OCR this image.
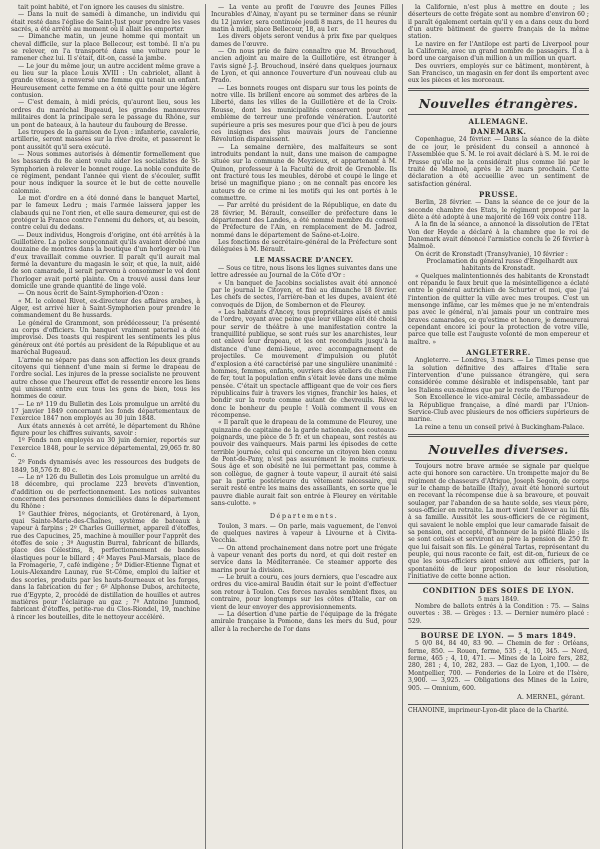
tait point habité, et l'on ignore les causes du sinistre.

— Dans la nuit de samedi à dimanche, un individu qui était resté dans l'église de Saint-Just pour prendre les vases sacrés, a été arrêté au moment où il allait les emporter.

— Dimanche matin, un jeune homme qui montait un cheval difficile, sur la place Bellecour, est tombé. Il n'a pu se relever, on l'a transporté dans une voiture pour le ramener chez lui. Il s'était, dit-on, cassé la jambe.

— Le jour du même jour, un autre accident même grave a eu lieu sur la place Louis XVIII : Un cabriolet, allant à grande vitesse, a renversé une femme qui tenait un enfant. Heureusement cette femme en a été quitte pour une légère contusion.

— C'est demain, à midi précis, qu'auront lieu, sous les ordres du maréchal Bugeaud, les grandes manœuvres militaires dont la principale sera le passage du Rhône, sur un pont de bateaux, à la hauteur du faubourg de Bresse.

Les troupes de la garnison de Lyon : infanterie, cavalerie, artillerie, seront massées sur la rive droite, et passeront le pont aussitôt qu'il sera exécuté.

— Nous sommes autorisés à démentir formellement que les bassards du 8e aient voulu aider les socialistes de St-Symphorien à relever le bonnet rouge. La noble conduite de ce régiment, pendant l'année qui vient de s'écouler, suffit pour nous indiquer la source et le but de cette nouvelle calomnie.

Le mot d'ordre en a été donné dans le banquet Martel, par le fameux Ledru ; mais l'armée laissera japper les clabauds qui ne l'ont rien, et elle saura demeurer, qui est de protéger la France contre l'ennemi du dehors, et, au besoin, contre celui du dedans.

— Deux individus, Hongrois d'origine, ont été arrêtés à la Guillotière. La police soupçonnait qu'ils avaient dérobé une douzaine de montres dans la boutique d'un horloger où l'un d'eux travaillait comme ouvrier. Il paraît qu'il aurait mal fermé la devanture du magasin le soir, et que, la nuit, aidé de son camarade, il serait parvenu à consommer le vol dont l'horloger avait porté plainte. On a trouvé aussi dans leur domicile une grande quantité de linge volé.

— On nous écrit de Saint-Symphorien-d'Ozon :

« M. le colonel Rivet, ex-directeur des affaires arabes, à Alger, est arrivé hier à Saint-Symphorien pour prendre le commandement du 8e hussards.

Le général de Grammont, son prédécesseur, l'a présenté au corps d'officiers. Un banquet vraiment paternel a été improvisé. Des toasts qui respirent les sentiments les plus généreux ont été portés au président de la République et au maréchal Bugeaud.

L'armée ne sépare pas dans son affection les deux grands citoyens qui tiennent d'une main si ferme le drapeau de l'ordre social. Les injures de la presse socialiste ne prouvent autre chose que l'heureux effet de ressentir encore les liens qui unissent entre eux tous les gens de bien, tous les hommes de cœur.

— Le nº 119 du Bulletin des Lois promulgue un arrêté du 17 janvier 1849 concernant les fonds départementaux de l'exercice 1847 non employés au 30 juin 1848.

Aux états annexés à cet arrêté, le département du Rhône figure pour les chiffres suivants, savoir :

1º Fonds non employés au 30 juin dernier, reportés sur l'exercice 1848, pour le service départemental, 29,065 fr. 80 c.

2º Fonds dynamisés avec les ressources des budgets de 1849, 58,576 fr. 80 c.

— Le nº 126 du Bulletin des Lois promulgue un arrêté du 18 décembre, qui proclame 223 brevets d'invention, d'addition ou de perfectionnement. Les notices suivantes concernent des personnes domiciliées dans le département du Rhône :

1º Gauthier frères, négociants, et Grotérenard, à Lyon, quai Sainte-Marie-des-Chaînes, système de bateaux à vapeur à farpins ; 2º Charles Guillermet, appareil d'étoffes, rue des Capucines, 25, machine à mouiller pour l'apprêt des étoffes de soie ; 3º Augustin Burral, fabricant de billards, place des Célestins, 8, perfectionnement de bandes élastiques pour le billard ; 4º Mayes Paul-Marsais, place de la Fromagerie, 7, café indigène ; 5º Didier-Etienne Tignat et Louis-Alexandre Launay, rue St-Côme, emploi du laitier et des scories, produits par les hauts-fourneaux et les forges, dans la fabrication du fer ; 6º Alphonse Dubos, architecte, rue d'Egypte, 2, procédé de distillation de houilles et autres matières pour l'éclairage au gaz ; 7º Antoine Jummod, fabricant d'étoffes, petite-rue du Clos-Riondel, 19, machine à rincer les bouteilles, dite le nettoyeur accéléré.

— La vente au profit de l'œuvre des Jeunes Filles Incurables d'Ainay, n'ayant pu se terminer dans se réunir du 12 janvier, sera continuée jeudi 8 mars, de 11 heures du matin à midi, place Bellecour, 18, au 1er.

Les divers objets seront vendus à prix fixe par quelques dames de l'œuvre.

— On nous prie de faire connaître que M. Brouchoud, ancien adjoint au maire de la Guillotière, est étranger à l'avis signé J.-J. Brouchoud, inséré dans quelques journaux de Lyon, et qui annonce l'ouverture d'un nouveau club au Prado.

— Les bonnets rouges ont disparu sur tous les points de notre ville. Ils brillent encore au sommet des arbres de la Liberté, dans les villes de la Guillotière et de la Croix-Rousse, dont les municipalités conservent pour cet emblème de terreur une profonde vénération. L'autorité supérieure a pris ses mesures pour que d'ici à peu de jours ces insignes des plus mauvais jours de l'ancienne Révolution disparaissent.

— La semaine dernière, des malfaiteurs se sont introduits pendant la nuit, dans une maison de campagne située sur la commune de Meyzieux, et appartenant à M. Quinon, professeur à la Faculté de droit de Grenoble. Ils ont fracturé tous les meubles, dérobé et coupé le linge et brisé un magnifique piano ; on ne connaît pas encore les auteurs de ce crime ni les motifs qui les ont portés à le commettre.

— Par arrêté du président de la République, en date du 28 février, M. Bérault, conseiller de préfecture dans le département des Landes, a été nommé membre du conseil de Préfecture de l'Ain, en remplacement de M. Jadroz, nommé dans le département de Saône-et-Loire.

Les fonctions de secrétaire-général de la Préfecture sont déléguées à M. Bérault.

LE MASSACRE D'ANCEY.

— Sous ce titre, nous lisons les lignes suivantes dans une lettre adressée au Journal de la Côte d'Or :

« Un banquet de Jacobins socialistes avait été annoncé par le journal le Citoyen, et fixé au dimanche 18 février. Les chefs de sectes, l'arrière-ban et les dupes, avaient été convoqués de Dijon, de Sombernon et de Fleurey.

« Les habitants d'Ancey, tous propriétaires aisés et amis de l'ordre, voyant avec peine que leur village eût été choisi pour servir de théâtre à une manifestation contre la tranquillité publique, se sont rués sur les anarchistes, leur ont enlevé leur drapeau, et les ont reconduits jusqu'à la distance d'une demi-lieue, avec accompagnement de projectiles. Ce mouvement d'impulsion ou plutôt d'explosion a été caractérisé par une singulière unanimité : hommes, femmes, enfants, ouvriers des ateliers du chemin de fer, tout la population enfin s'était levée dans une même pensée. C'était un spectacle affligeant que de voir ces fiers républicains fuir à travers les vignes, franchir les haies, et bondir sur la route comme autant de chevreuils. Rêvez donc le bonheur du peuple ! Voilà comment il vous en récompense.

« Il paraît que le drapeau de la commune de Fleurey, une quinzaine de capitaine de la garde nationale, des couteaux-poignards, une pièce de 5 fr. et un chapeau, sont restés au pouvoir des vainqueurs. Mais parmi les épisodes de cette terrible journée, celui qui concerne un citoyen bien connu de Pont-de-Pany, n'est pas assurément le moins curieux. Sous âge et son obésité ne lui permettant pas, comme à son collègue, de gagner à toute vapeur, il aurait été saisi par la partie postérieure du vêtement nécessaire, qui serait resté entre les mains des assaillants, en sorte que le pauvre diable aurait fait son entrée à Fleurey en véritable sans-culotte. »

Départements.

Toulon, 3 mars. — On parle, mais vaguement, de l'envoi de quelques navires à vapeur à Livourne et à Civita-Vecchia.

— On attend prochainement dans notre port une frégate à vapeur venant des ports du nord, et qui doit rester en service dans la Méditerranée. Ce steamer apporte des marins pour la division.

— Le bruit a couru, ces jours derniers, que l'escadre aux ordres du vice-amiral Baudin était sur le point d'effectuer son retour à Toulon. Ces forces navales semblent fixes, au contraire, pour longtemps sur les côtes d'Italie, car on vient de leur envoyer des approvisionnements.

— La désertion d'une partie de l'équipage de la frégate amirale française la Pomone, dans les mers du Sud, pour aller à la recherche de l'or dans

la Californie, n'est plus à mettre en doute ; les déserteurs de cette frégate sont au nombre d'environ 60 ; il paraît également certain qu'il y en a dans ceux du bord d'un autre bâtiment de guerre français de la même station.

Le navire en fer l'Antilope est parti de Liverpool pour la Californie, avec un grand nombre de passagers. Il a à bord une cargaison d'un million à un million un quart.

Des ouvriers, employés sur ce bâtiment, montèrent, à San Francisco, un magasin en fer dont ils emportent avec eux les pièces et les morceaux.

Nouvelles étrangères.
ALLEMAGNE.
DANEMARK.

Copenhague, 24 février. — Dans la séance de la diète de ce jour, le président du conseil a annoncé à l'Assemblée que S. M. le roi avait déclaré à S. M. le roi de Prusse qu'elle ne la considérait plus comme lié par le traité de Malmoë, après le 26 mars prochain. Cette déclaration a été accueillie avec un sentiment de satisfaction général.

PRUSSE.

Berlin, 28 février. — Dans la séance de ce jour de la seconde chambre des Etats, le régiment proposé par la diète a été adopté à une majorité de 169 voix contre 118.

A la fin de la séance, a annoncé la dissolution de l'Etat Von der Heyde a déclaré à la chambre que le roi de Danemark avait dénoncé l'armistice conclu le 26 février à Malmoë.

On écrit de Kronstadt (Transylvanie), 10 février :

Proclamation du général russe d'Engelhardt aux habitants de Kronstadt.

« Quelques malintentionnés des habitants de Kronstadt ont répandu le faux bruit que la mésintelligence a éclaté entre le général autrichien de Schurter et moi, que j'ai l'intention de quitter la ville avec mes troupes. C'est un mensonge infâme, car les mêmes que je ne m'entendrais pas avec le général, n'ai jamais pour un contraire mes braves camarades, ce qu'estime et honore, je demeurerai cependant encore ici pour la protection de votre ville, parce que telle est l'auguste volonté de mon empereur et maître. »

ANGLETERRE.

Angleterre. — Londres, 3 mars. — Le Times pense que la solution définitive des affaires d'Italie sera l'intervention d'une puissance étrangère, qui sera considérée comme désirable et indispensable, tant par les Italiens eux-mêmes que par le reste de l'Europe.

Son Excellence le vice-amiral Cécile, ambassadeur de la République française, a dîné mardi par l'Union-Service-Club avec plusieurs de nos officiers supérieurs de marine.

La reine a tenu un conseil privé à Buckingham-Palace.

Nouvelles diverses.

Toujours notre brave armée se signale par quelque acte qui honore son caractère. Un trompette major du 8e régiment de chasseurs d'Afrique, Joseph Segoin, de corps sur le champ de bataille (Italy), avait été honoré surtout en recevant la récompense due à sa bravoure, et pouvait soulager, par l'abandon de sa haute solde, ses vieux père, sous-officier en retraite. La mort vient l'enlever au lui fils à sa famille. Aussitôt les sous-officiers de ce régiment, qui savaient le noble emploi que leur camarade faisait de sa pension, ont accepté, d'honneur de la piété filiale ; ils se sont cotisés et serviront au père la pension de 250 fr. que lui faisait son fils. Le général Tartas, représentant du peuple, qui nous raconte ce fait, est dit-on, furieux de ce que les sous-officiers aient enlevé aux officiers, par la spontanéité de leur proposition de leur résolution, l'initiative de cette bonne action.

CONDITION DES SOIES DE LYON.
5 mars 1849.

Nombre de ballots entrés à la Condition : 75. — Sains ouvertes : 38. — Grèges : 13. — Dernier numéro placé : 529.

BOURSE DE LYON. — 5 mars 1849.

5 0/0 84, 84 40, 83 90. — Chemin de fer : Orléans, ferme, 850. — Rouen, ferme, 535 ; 4, 10, 345. — Nord, ferme, 465 ; 4, 10, 471. — Mines de la Loire fers, 282, 280, 281 ; 4, 10, 282, 283. — Gaz de Lyon, 1,100. — de Montpellier, 700. — Fonderies de la Loire et de l'Isère, 3,900. — 3,925. — Obligations des Mines de la Loire, 905. — Omnium, 600.

A. MERNEL, gérant.
CHANOINE, imprimeur-Lyon-dit place de la Charité.
